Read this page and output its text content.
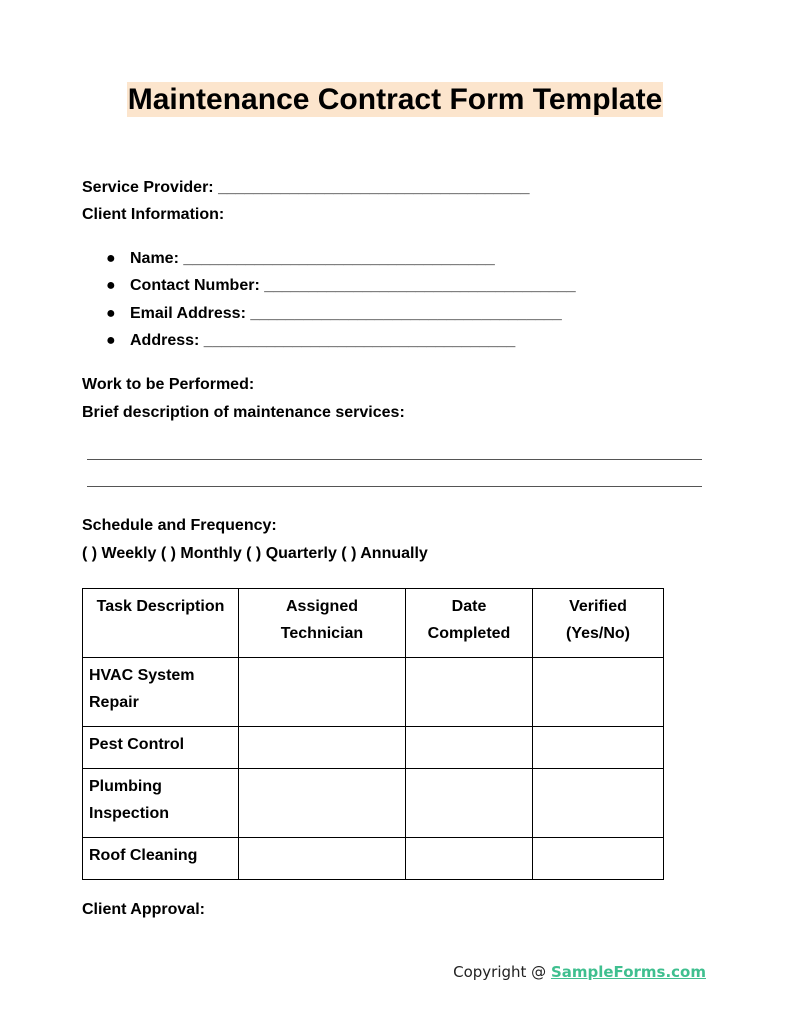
Maintenance Contract Form Template
Service Provider: ___________________________________
Client Information:
● Name: ___________________________________
● Contact Number: ___________________________________
● Email Address: ___________________________________
● Address: ___________________________________
Work to be Performed:
Brief description of maintenance services:
Schedule and Frequency:
( ) Weekly ( ) Monthly ( ) Quarterly ( ) Annually
Task Description	Assigned Technician	Date Completed	Verified (Yes/No)
HVAC System Repair			
Pest Control			
Plumbing Inspection			
Roof Cleaning			
Client Approval:
Copyright @ SampleForms.com
